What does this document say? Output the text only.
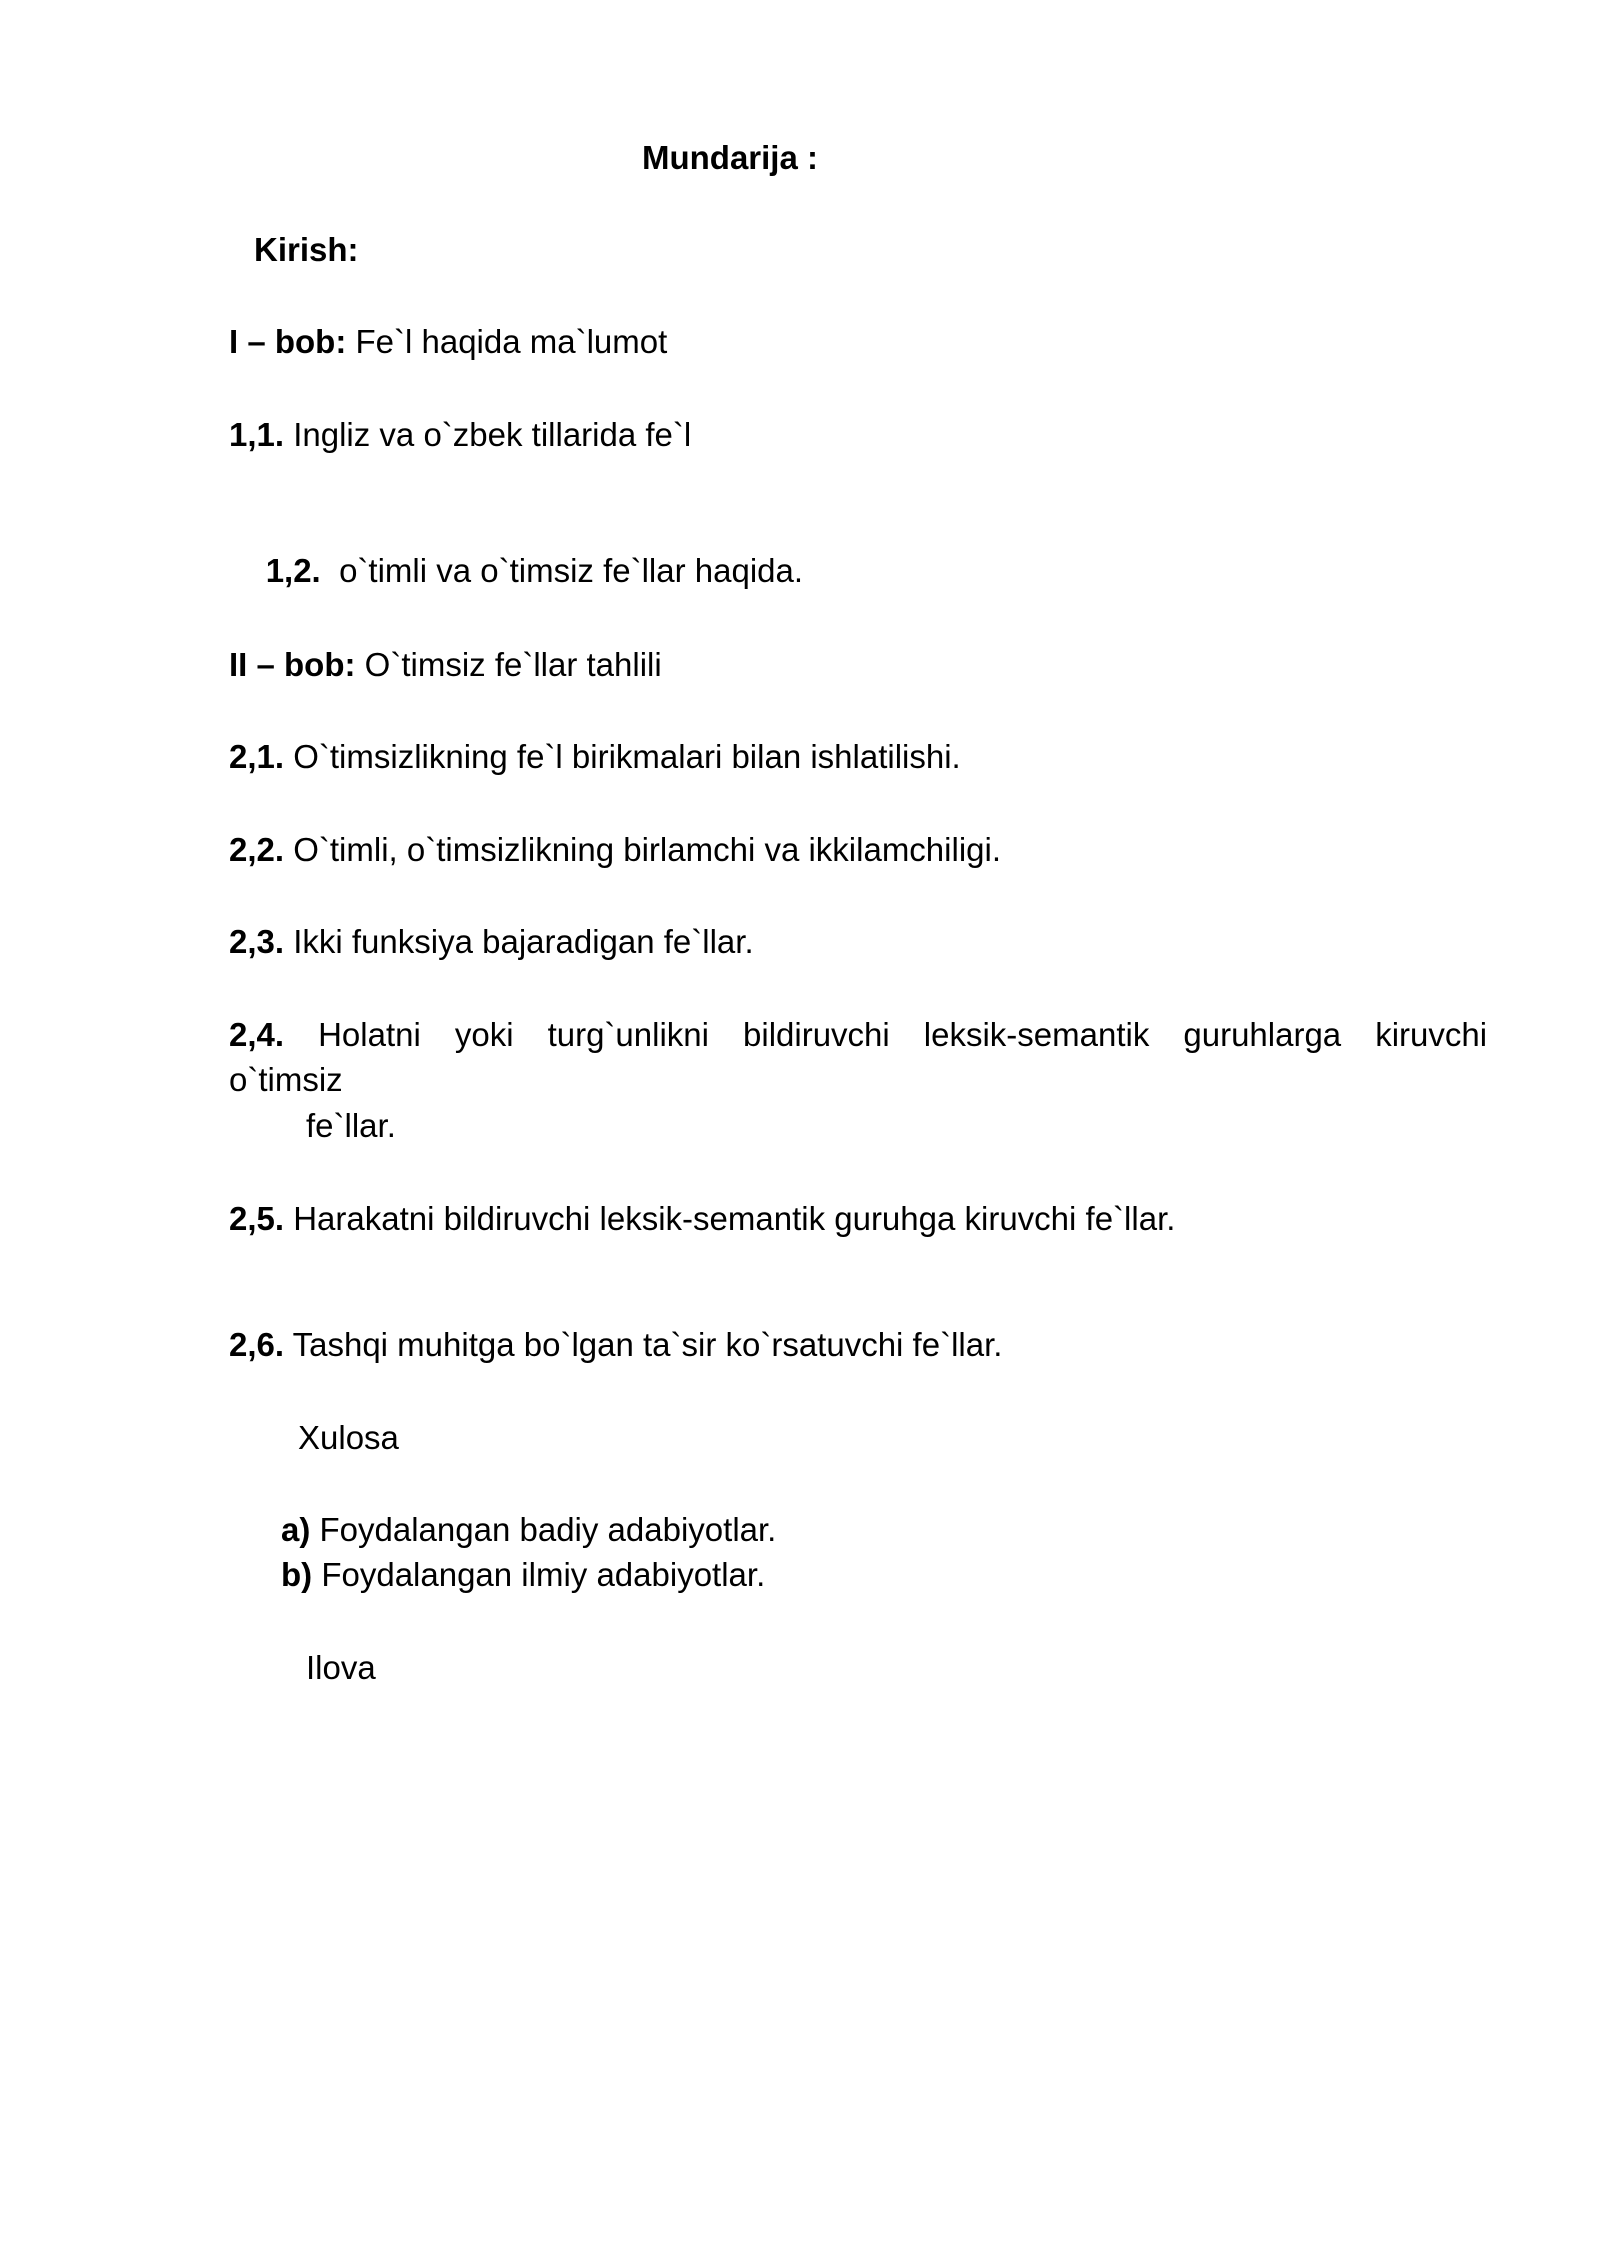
Mundarija :
Kirish:
I – bob: Fe`l haqida ma`lumot
1,1. Ingliz va o`zbek tillarida fe`l

1,2.  o`timli va o`timsiz fe`llar haqida.

II – bob: O`timsiz fe`llar tahlili
2,1. O`timsizlikning fe`l birikmalari bilan ishlatilishi.
2,2. O`timli, o`timsizlikning birlamchi va ikkilamchiligi.
2,3. Ikki funksiya bajaradigan fe`llar.
2,4. Holatni yoki turg`unlikni bildiruvchi leksik-semantik guruhlarga kiruvchi
o`timsiz
fe`llar.
2,5. Harakatni bildiruvchi leksik-semantik guruhga kiruvchi fe`llar.
2,6. Tashqi muhitga bo`lgan ta`sir ko`rsatuvchi fe`llar.
Xulosa
a) Foydalangan badiy adabiyotlar.
b) Foydalangan ilmiy adabiyotlar.
Ilova
